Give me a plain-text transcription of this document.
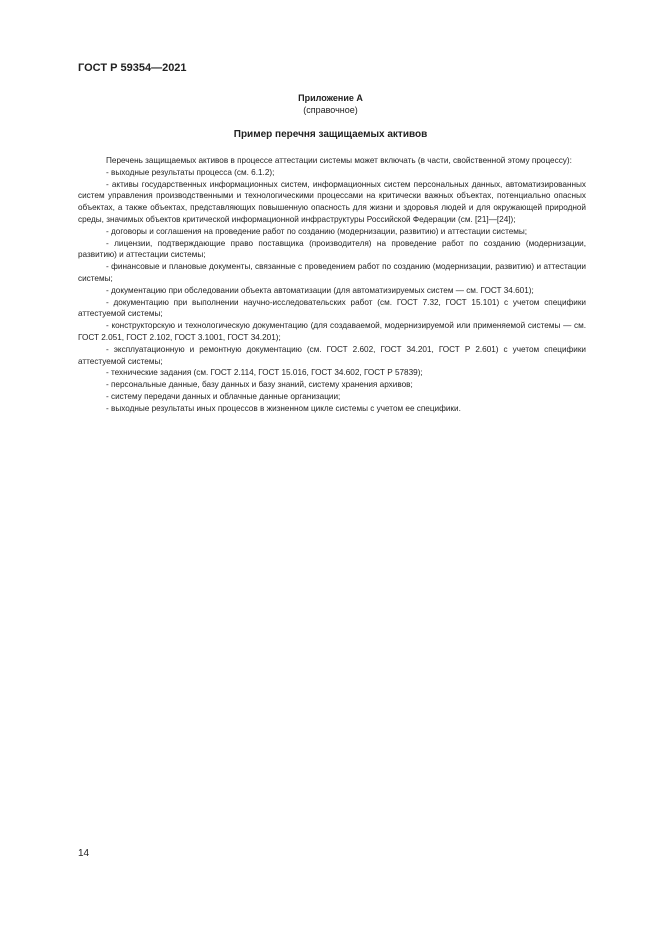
ГОСТ Р 59354—2021
Приложение А
(справочное)
Пример перечня защищаемых активов

Перечень защищаемых активов в процессе аттестации системы может включать (в части, свойственной этому процессу):

- выходные результаты процесса (см. 6.1.2);

- активы государственных информационных систем, информационных систем персональных данных, автоматизированных систем управления производственными и технологическими процессами на критически важных объектах, потенциально опасных объектах, а также объектах, представляющих повышенную опасность для жизни и здоровья людей и для окружающей природной среды, значимых объектов критической информационной инфраструктуры Российской Федерации (см. [21]—[24]);

- договоры и соглашения на проведение работ по созданию (модернизации, развитию) и аттестации системы;

- лицензии, подтверждающие право поставщика (производителя) на проведение работ по созданию (модернизации, развитию) и аттестации системы;

- финансовые и плановые документы, связанные с проведением работ по созданию (модернизации, развитию) и аттестации системы;

- документацию при обследовании объекта автоматизации (для автоматизируемых систем — см. ГОСТ 34.601);

- документацию при выполнении научно-исследовательских работ (см. ГОСТ 7.32, ГОСТ 15.101) с учетом специфики аттестуемой системы;

- конструкторскую и технологическую документацию (для создаваемой, модернизируемой или применяемой системы — см. ГОСТ 2.051, ГОСТ 2.102, ГОСТ 3.1001, ГОСТ 34.201);

- эксплуатационную и ремонтную документацию (см. ГОСТ 2.602, ГОСТ 34.201, ГОСТ Р 2.601) с учетом специфики аттестуемой системы;

- технические задания (см. ГОСТ 2.114, ГОСТ 15.016, ГОСТ 34.602, ГОСТ Р 57839);

- персональные данные, базу данных и базу знаний, систему хранения архивов;

- систему передачи данных и облачные данные организации;

- выходные результаты иных процессов в жизненном цикле системы с учетом ее специфики.

14
